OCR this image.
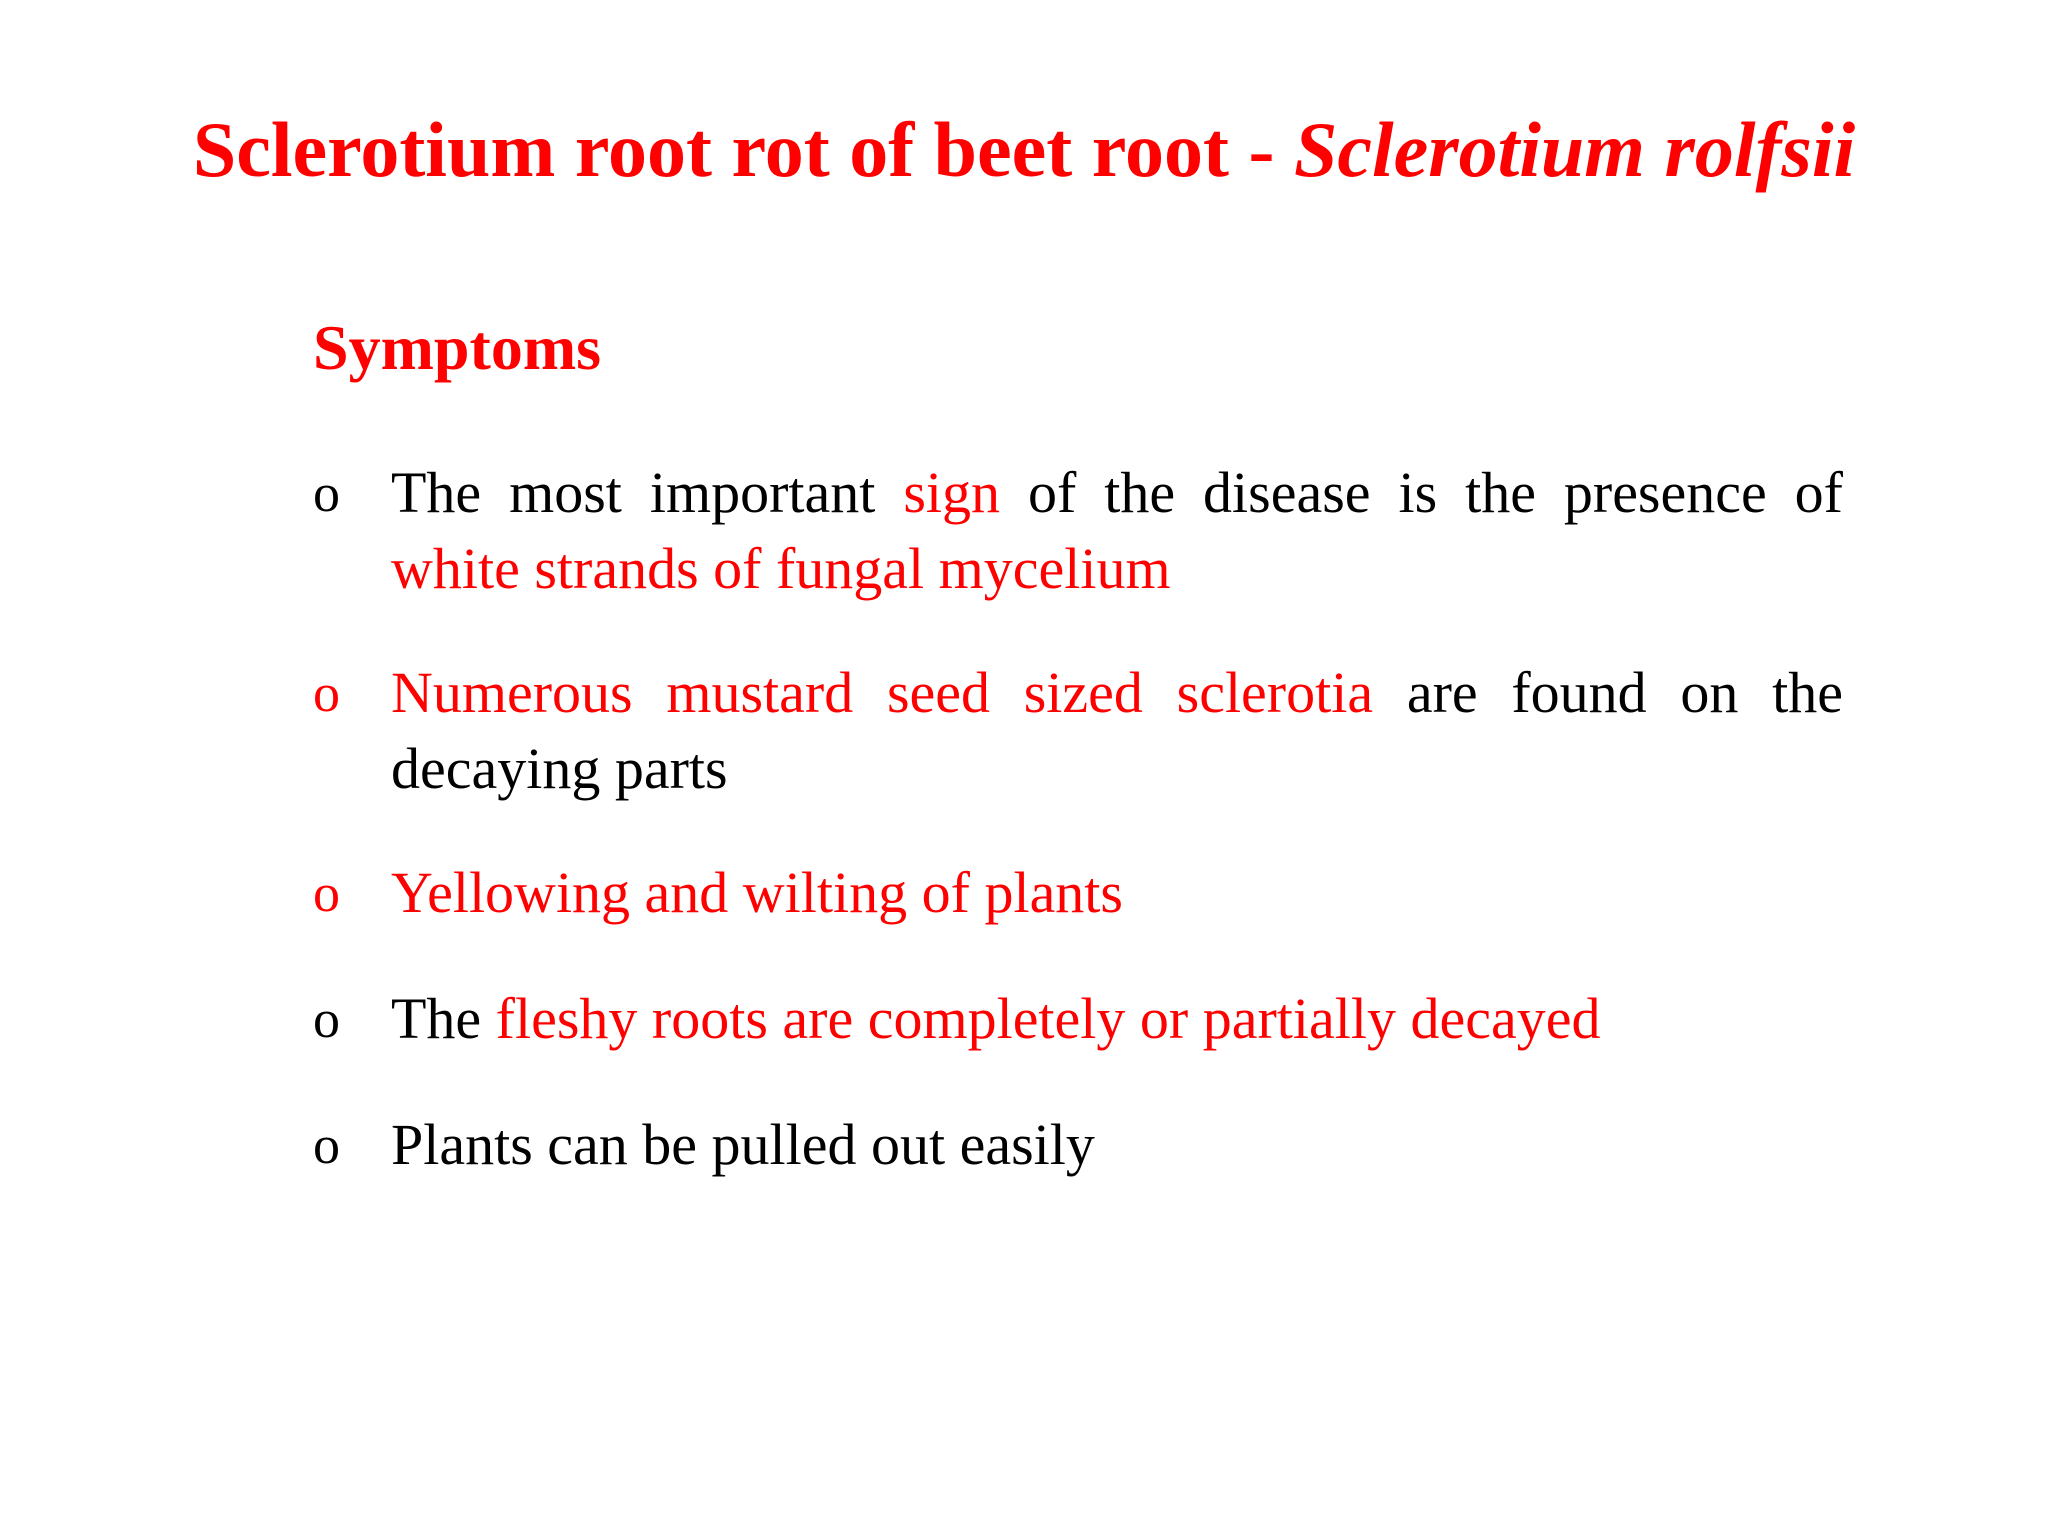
Sclerotium root rot of beet root - Sclerotium rolfsii
Symptoms
o The most important sign of the disease is the presence of white strands of fungal mycelium
o Numerous mustard seed sized sclerotia are found on the decaying parts
o Yellowing and wilting of plants
o The fleshy roots are completely or partially decayed
o Plants can be pulled out easily
